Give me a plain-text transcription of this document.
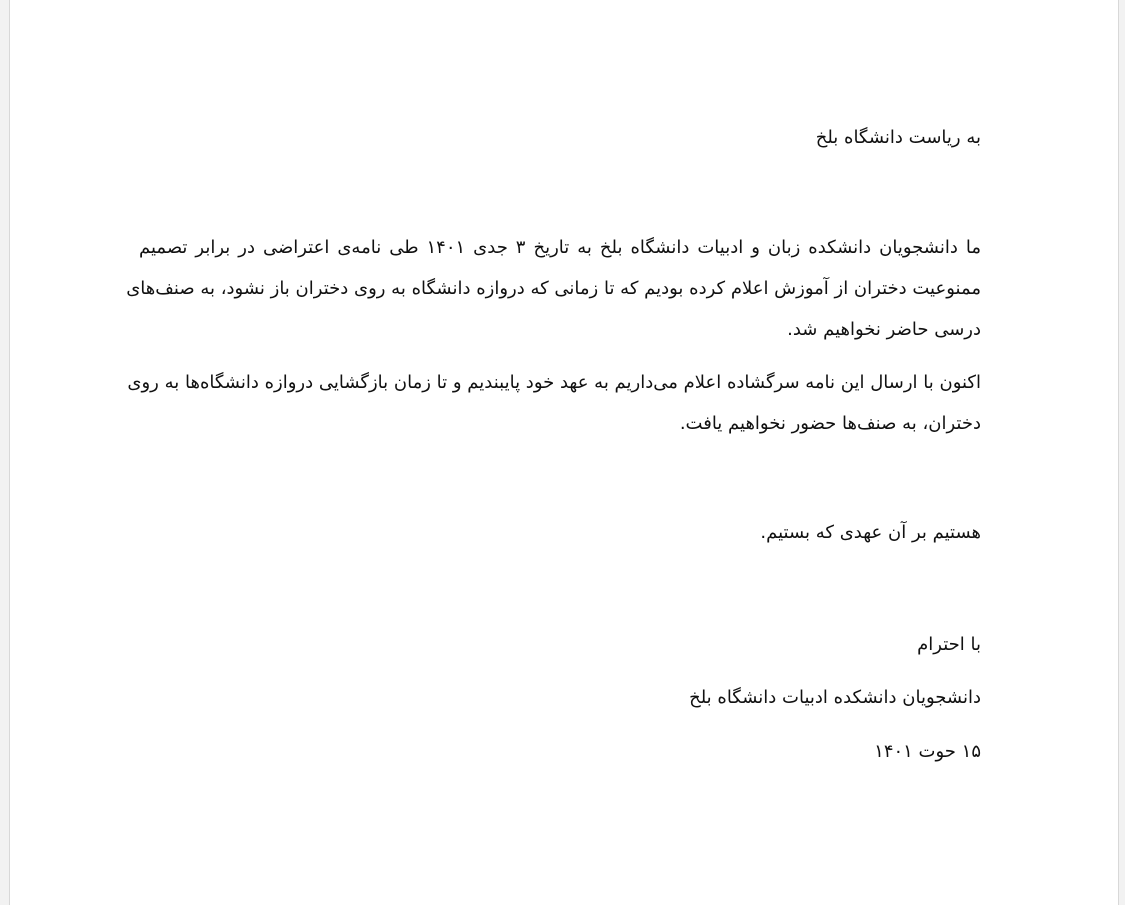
به ریاست دانشگاه بلخ
ما دانشجویان دانشکده زبان و ادبیات دانشگاه بلخ به تاریخ ۳ جدی ۱۴۰۱ طی نامه‌ی اعتراضی در برابر تصمیم
ممنوعیت دختران از آموزش اعلام کرده بودیم که تا زمانی که دروازه دانشگاه به روی دختران باز نشود، به صنف‌های
درسی حاضر نخواهیم شد.
اکنون با ارسال این نامه سرگشاده اعلام می‌داریم به عهد خود پایبندیم و تا زمان بازگشایی دروازه دانشگاه‌ها به روی
دختران، به صنف‌ها حضور نخواهیم یافت.
هستیم بر آن عهدی که بستیم.
با احترام
دانشجویان دانشکده ادبیات دانشگاه بلخ
۱۵ حوت ۱۴۰۱
